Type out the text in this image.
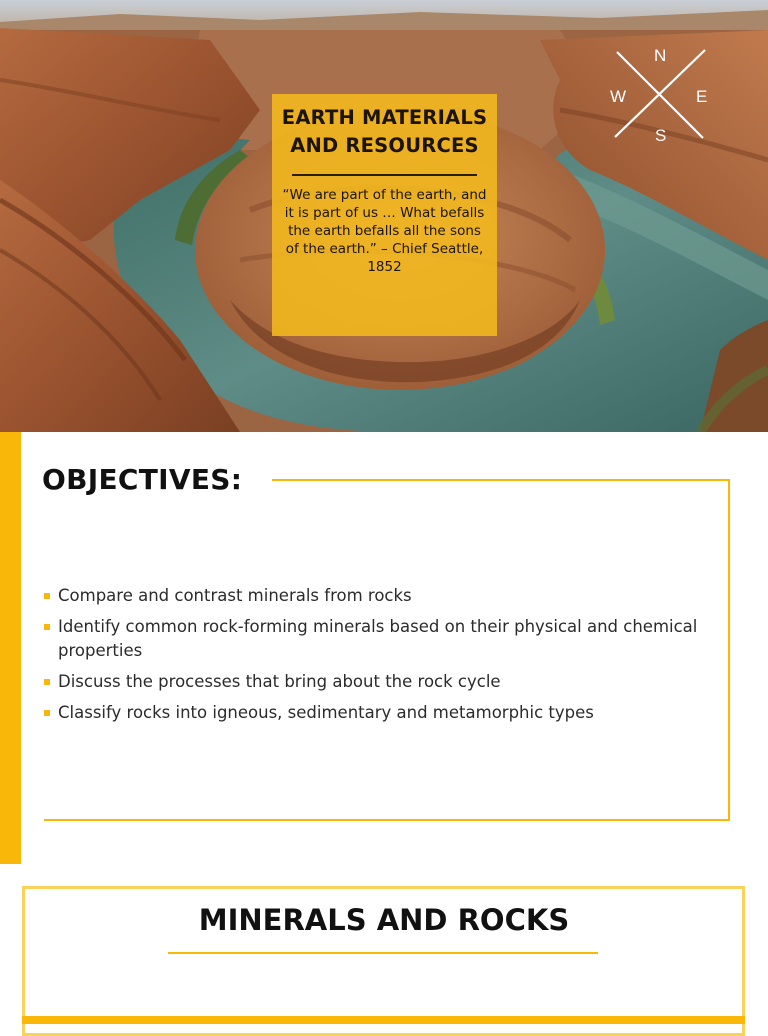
N
S
E
W
EARTH MATERIALS AND RESOURCES

“We are part of the earth, and it is part of us … What befalls the earth befalls all the sons of the earth.” – Chief Seattle, 1852

OBJECTIVES:
Compare and contrast minerals from rocks
Identify common rock-forming minerals based on their physical and chemical properties
Discuss the processes that bring about the rock cycle
Classify rocks into igneous, sedimentary and metamorphic types
MINERALS AND ROCKS
